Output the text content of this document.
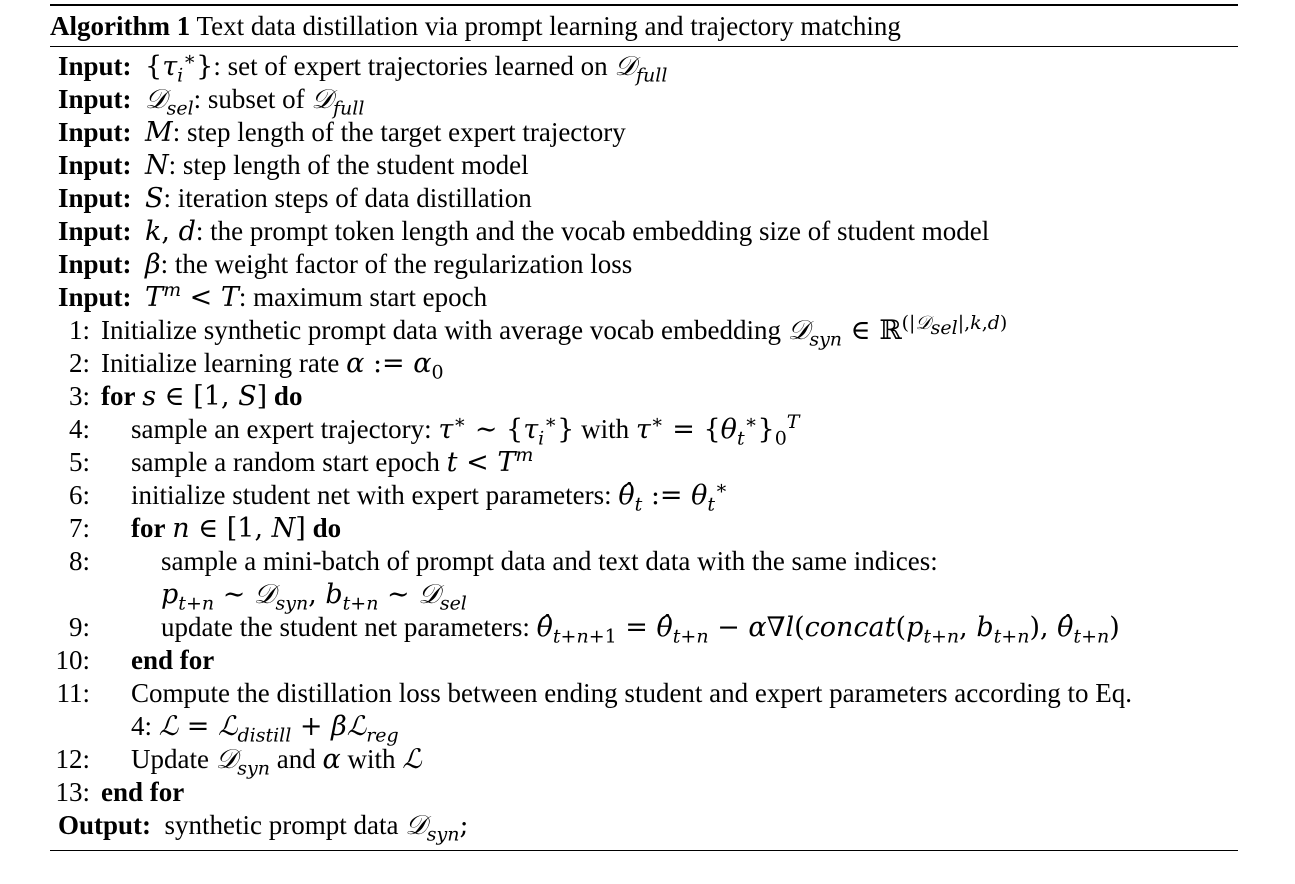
Algorithm 1 Text data distillation via prompt learning and trajectory matching
Input: $\{\tau_i^∗\}$: set of expert trajectories learned on 𝒟$_{full}$
Input: 𝒟$_{sel}$: subset of 𝒟$_{full}$
Input: M: step length of the target expert trajectory
Input: N: step length of the student model
Input: S: iteration steps of data distillation
Input: k, d: the prompt token length and the vocab embedding size of student model
Input: β: the weight factor of the regularization loss
Input: $T^m < T$: maximum start epoch
1: Initialize synthetic prompt data with average vocab embedding 𝒟$_{syn}$ ∈ ℝ$^{(|𝒟_{sel}|,k,d)}$
2: Initialize learning rate α := $\alpha_0$
3: for s ∈ [1, S] do
4: sample an expert trajectory: τ∗ ∼ $\{\tau_i^∗\}$ with $\tau^∗ = \{\theta_t^∗\}_0^T$
5: sample a random start epoch $t < T^m$
6: initialize student net with expert parameters: $\thetâ_t$ := $\theta_t^∗$
7: for n ∈ [1, N] do
8:	sample a mini-batch of prompt data and text data with the same indices:
$p_{t+n}$ ∼ 𝒟$_{syn}$, $b_{t+n}$ ∼ 𝒟$_{sel}$
9:	update the student net parameters: $\thetâ_{t+n+1}$ = $\thetâ_{t+n}$ − $\alpha\nabla l(concat(p_{t+n}$, $b_{t+n}$), $\thetâ_{t+n}$)
10: end for
11: Compute the distillation loss between ending student and expert parameters according to Eq.
4: ℒ = ℒ$_{distill}$ + βℒ$_{reg}$
12: Update 𝒟$_{syn}$ and α with ℒ
13: end for
Output: synthetic prompt data 𝒟$_{syn}$;
